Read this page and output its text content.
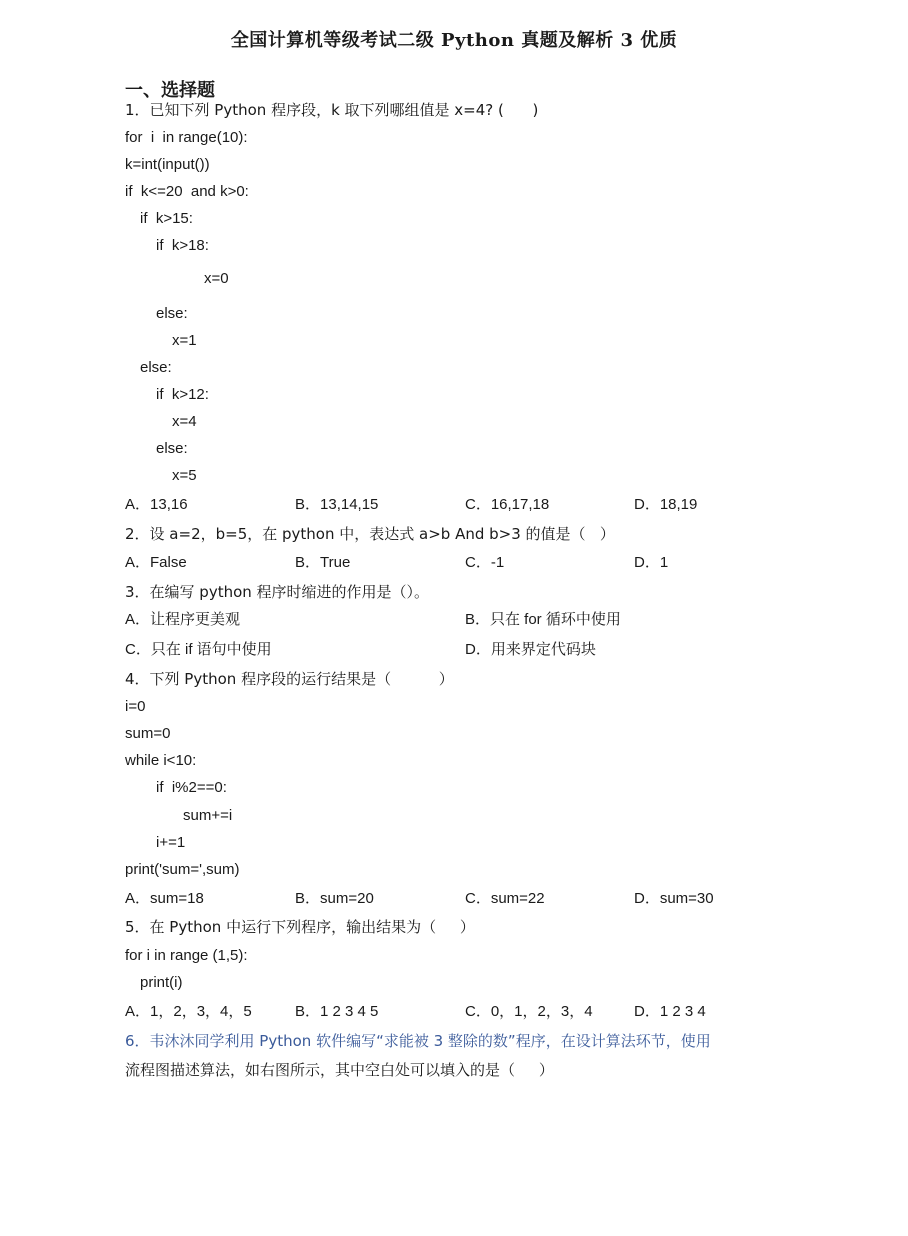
全国计算机等级考试二级 Python 真题及解析 3 优质
一、选择题
1．已知下列 Python 程序段，k 取下列哪组值是 x=4? (      )
for  i  in range(10):
k=int(input())
if  k<=20  and k>0:
if  k>15:
if  k>18:
x=0
else:
x=1
else:
if  k>12:
x=4
else:
x=5
A．13,16	B．13,14,15	C．16,17,18	D．18,19
2．设 a=2，b=5，在 python 中，表达式 a>b And b>3 的值是（   ）
A．False	B．True	C．-1	D．1
3．在编写 python 程序时缩进的作用是（）。
A．让程序更美观	B．只在 for 循环中使用
C．只在 if 语句中使用	D．用来界定代码块
4．下列 Python 程序段的运行结果是（          ）
i=0
sum=0
while i<10:
if  i%2==0:
sum+=i
i+=1
print('sum=',sum)
A．sum=18	B．sum=20	C．sum=22	D．sum=30
5．在 Python 中运行下列程序，输出结果为（     ）
for i in range (1,5):
print(i)
A．1，2，3，4，5	B．1 2 3 4 5	C．0，1，2，3，4	D．1 2 3 4
6．韦沐沐同学利用 Python 软件编写“求能被 3 整除的数”程序，在设计算法环节，使用
流程图描述算法，如右图所示，其中空白处可以填入的是（     ）
